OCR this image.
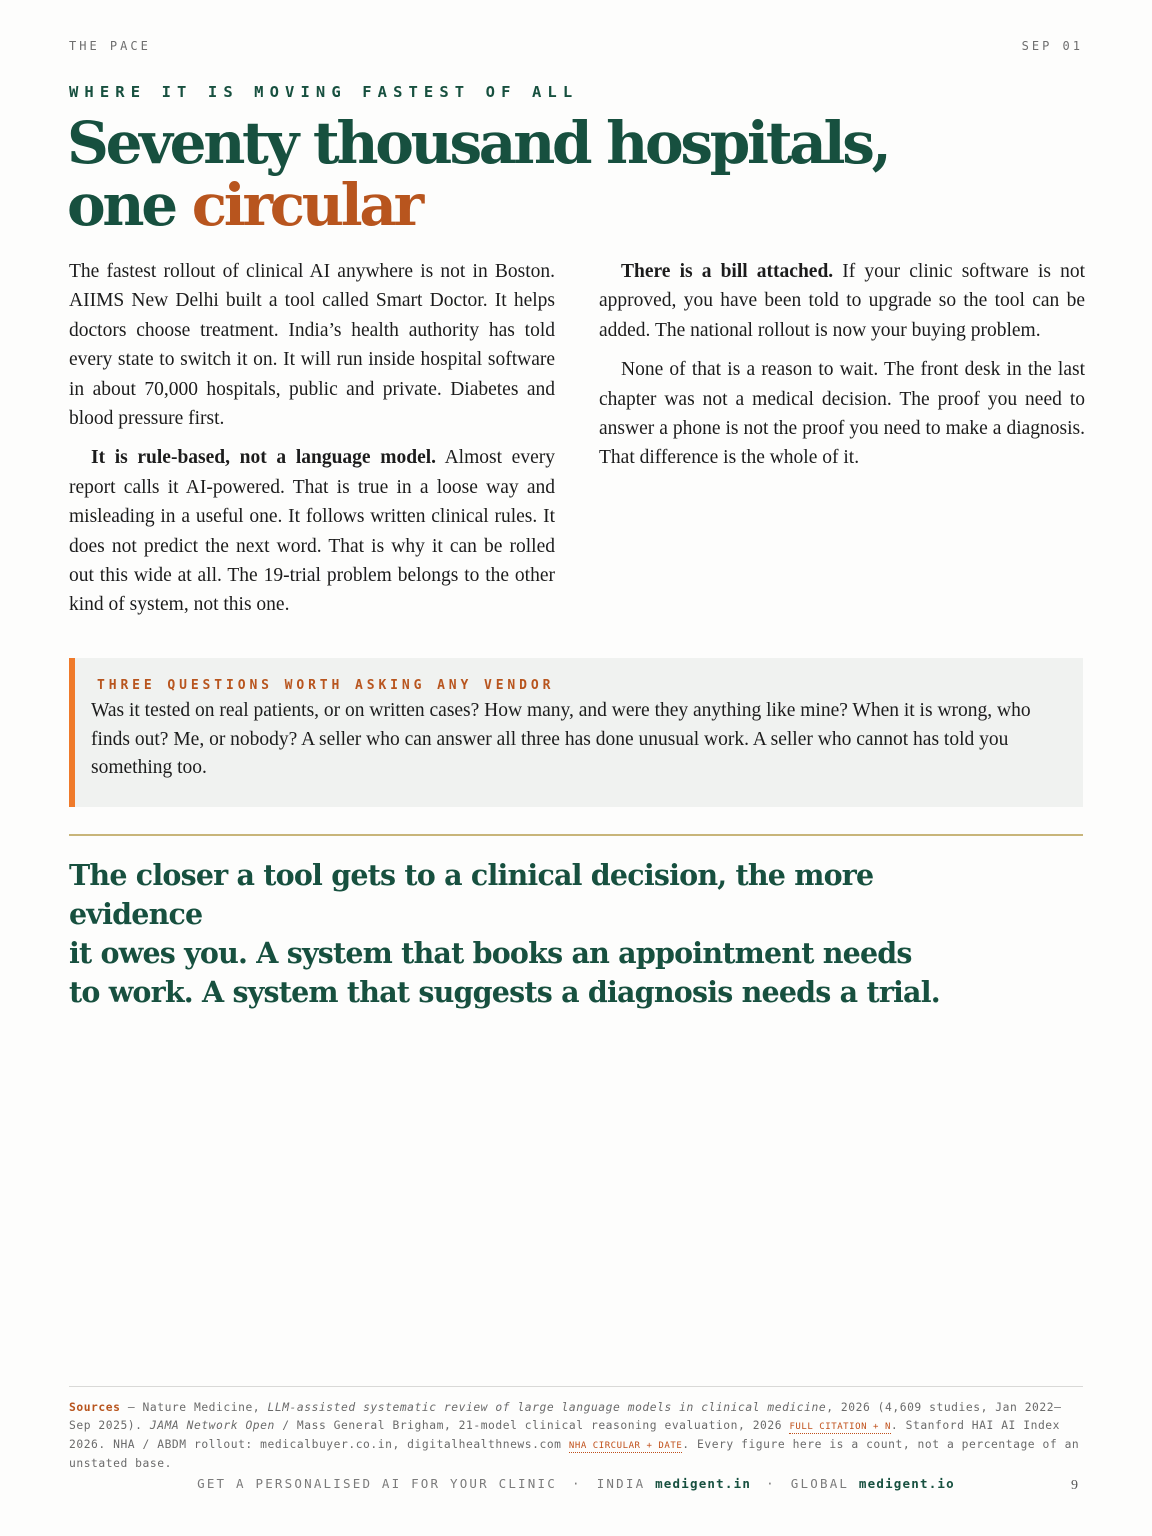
THE PACE	SEP 01
WHERE IT IS MOVING FASTEST OF ALL
Seventy thousand hospitals,
one circular

The fastest rollout of clinical AI anywhere is not in Boston. AIIMS New Delhi built a tool called Smart Doctor. It helps doctors choose treatment. India’s health authority has told every state to switch it on. It will run inside hospital software in about 70,000 hospitals, public and private. Diabetes and blood pressure first.

It is rule-based, not a language model. Almost every report calls it AI-powered. That is true in a loose way and misleading in a useful one. It follows written clinical rules. It does not predict the next word. That is why it can be rolled out this wide at all. The 19-trial problem belongs to the other kind of system, not this one.

There is a bill attached. If your clinic software is not approved, you have been told to upgrade so the tool can be added. The national rollout is now your buying problem.

None of that is a reason to wait. The front desk in the last chapter was not a medical decision. The proof you need to answer a phone is not the proof you need to make a diagnosis. That difference is the whole of it.

THREE QUESTIONS WORTH ASKING ANY VENDOR
Was it tested on real patients, or on written cases? How many, and were they anything like mine? When it is wrong, who finds out? Me, or nobody? A seller who can answer all three has done unusual work. A seller who cannot has told you something too.

The closer a tool gets to a clinical decision, the more evidence
it owes you. A system that books an appointment needs
to work. A system that suggests a diagnosis needs a trial.

Sources — Nature Medicine, LLM-assisted systematic review of large language models in clinical medicine, 2026 (4,609 studies, Jan 2022–Sep 2025). JAMA Network Open / Mass General Brigham, 21-model clinical reasoning evaluation, 2026 FULL CITATION + N. Stanford HAI AI Index 2026. NHA / ABDM rollout: medicalbuyer.co.in, digitalhealthnews.com NHA CIRCULAR + DATE. Every figure here is a count, not a percentage of an unstated base.
GET A PERSONALISED AI FOR YOUR CLINIC · INDIA medigent.in · GLOBAL medigent.io	9
